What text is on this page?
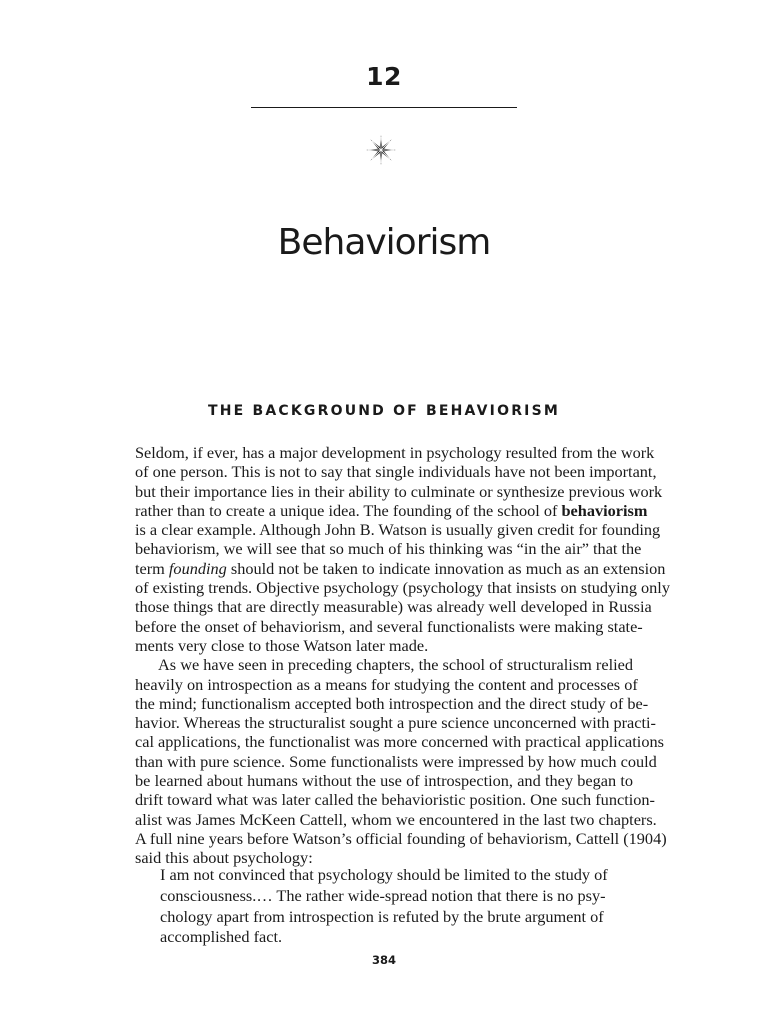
12
Behaviorism
THE BACKGROUND OF BEHAVIORISM
Seldom, if ever, has a major development in psychology resulted from the work
of one person. This is not to say that single individuals have not been important,
but their importance lies in their ability to culminate or synthesize previous work
rather than to create a unique idea. The founding of the school of behaviorism
is a clear example. Although John B. Watson is usually given credit for founding
behaviorism, we will see that so much of his thinking was “in the air” that the
term founding should not be taken to indicate innovation as much as an extension
of existing trends. Objective psychology (psychology that insists on studying only
those things that are directly measurable) was already well developed in Russia
before the onset of behaviorism, and several functionalists were making state-
ments very close to those Watson later made.
As we have seen in preceding chapters, the school of structuralism relied
heavily on introspection as a means for studying the content and processes of
the mind; functionalism accepted both introspection and the direct study of be-
havior. Whereas the structuralist sought a pure science unconcerned with practi-
cal applications, the functionalist was more concerned with practical applications
than with pure science. Some functionalists were impressed by how much could
be learned about humans without the use of introspection, and they began to
drift toward what was later called the behavioristic position. One such function-
alist was James McKeen Cattell, whom we encountered in the last two chapters.
A full nine years before Watson’s official founding of behaviorism, Cattell (1904)
said this about psychology:
I am not convinced that psychology should be limited to the study of
consciousness.… The rather wide-spread notion that there is no psy-
chology apart from introspection is refuted by the brute argument of
accomplished fact.
384
